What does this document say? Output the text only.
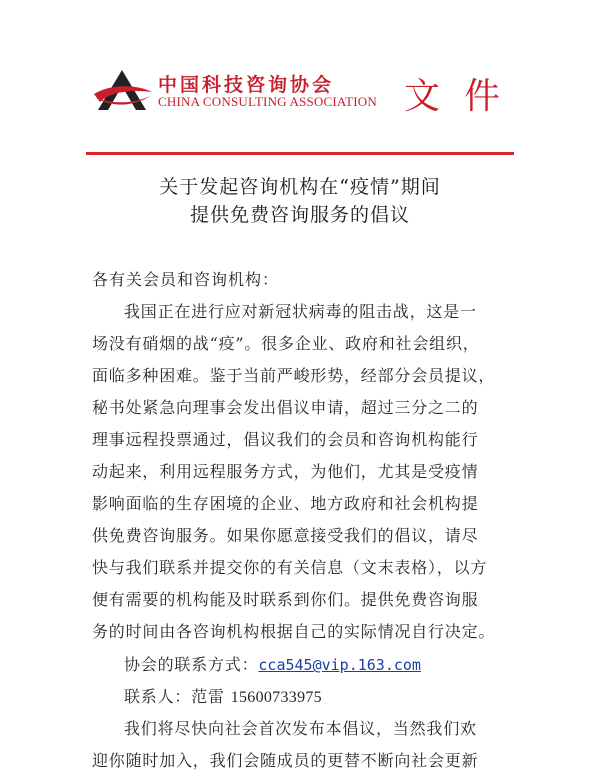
中国科技咨询协会
CHINA CONSULTING ASSOCIATION 文件
关于发起咨询机构在“疫情”期间
提供免费咨询服务的倡议
各有关会员和咨询机构：
我国正在进行应对新冠状病毒的阻击战，这是一
场没有硝烟的战“疫”。很多企业、政府和社会组织，
面临多种困难。鉴于当前严峻形势，经部分会员提议，
秘书处紧急向理事会发出倡议申请，超过三分之二的
理事远程投票通过，倡议我们的会员和咨询机构能行
动起来，利用远程服务方式，为他们，尤其是受疫情
影响面临的生存困境的企业、地方政府和社会机构提
供免费咨询服务。如果你愿意接受我们的倡议，请尽
快与我们联系并提交你的有关信息（文末表格），以方
便有需要的机构能及时联系到你们。提供免费咨询服
务的时间由各咨询机构根据自己的实际情况自行决定。
协会的联系方式：cca545@vip.163.com
联系人：范雷 15600733975
我们将尽快向社会首次发布本倡议，当然我们欢
迎你随时加入，我们会随成员的更替不断向社会更新
